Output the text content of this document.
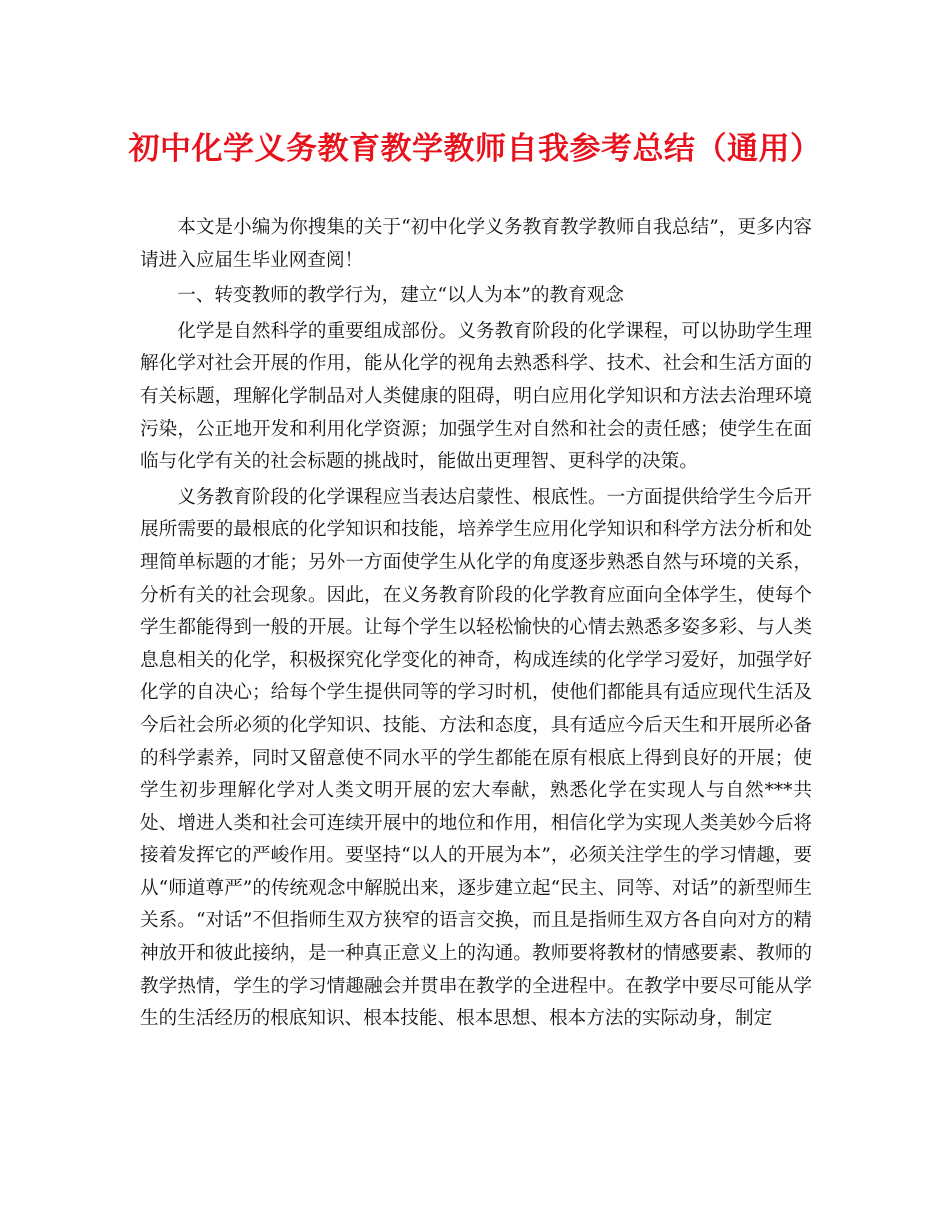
初中化学义务教育教学教师自我参考总结（通用）

本文是小编为你搜集的关于“初中化学义务教育教学教师自我总结”，更多内容请进入应届生毕业网查阅！

一、转变教师的教学行为，建立“以人为本”的教育观念

化学是自然科学的重要组成部份。义务教育阶段的化学课程，可以协助学生理解化学对社会开展的作用，能从化学的视角去熟悉科学、技术、社会和生活方面的有关标题，理解化学制品对人类健康的阻碍，明白应用化学知识和方法去治理环境污染，公正地开发和利用化学资源；加强学生对自然和社会的责任感；使学生在面临与化学有关的社会标题的挑战时，能做出更理智、更科学的决策。

义务教育阶段的化学课程应当表达启蒙性、根底性。一方面提供给学生今后开展所需要的最根底的化学知识和技能，培养学生应用化学知识和科学方法分析和处理简单标题的才能；另外一方面使学生从化学的角度逐步熟悉自然与环境的关系，分析有关的社会现象。因此，在义务教育阶段的化学教育应面向全体学生，使每个学生都能得到一般的开展。让每个学生以轻松愉快的心情去熟悉多姿多彩、与人类息息相关的化学，积极探究化学变化的神奇，构成连续的化学学习爱好，加强学好化学的自决心；给每个学生提供同等的学习时机，使他们都能具有适应现代生活及今后社会所必须的化学知识、技能、方法和态度，具有适应今后天生和开展所必备的科学素养，同时又留意使不同水平的学生都能在原有根底上得到良好的开展；使学生初步理解化学对人类文明开展的宏大奉献，熟悉化学在实现人与自然***共处、增进人类和社会可连续开展中的地位和作用，相信化学为实现人类美妙今后将接着发挥它的严峻作用。要坚持“以人的开展为本”，必须关注学生的学习情趣，要从“师道尊严”的传统观念中解脱出来，逐步建立起“民主、同等、对话”的新型师生关系。“对话”不但指师生双方狭窄的语言交换，而且是指师生双方各自向对方的精神放开和彼此接纳，是一种真正意义上的沟通。教师要将教材的情感要素、教师的教学热情，学生的学习情趣融会并贯串在教学的全进程中。在教学中要尽可能从学生的生活经历的根底知识、根本技能、根本思想、根本方法的实际动身，制定
